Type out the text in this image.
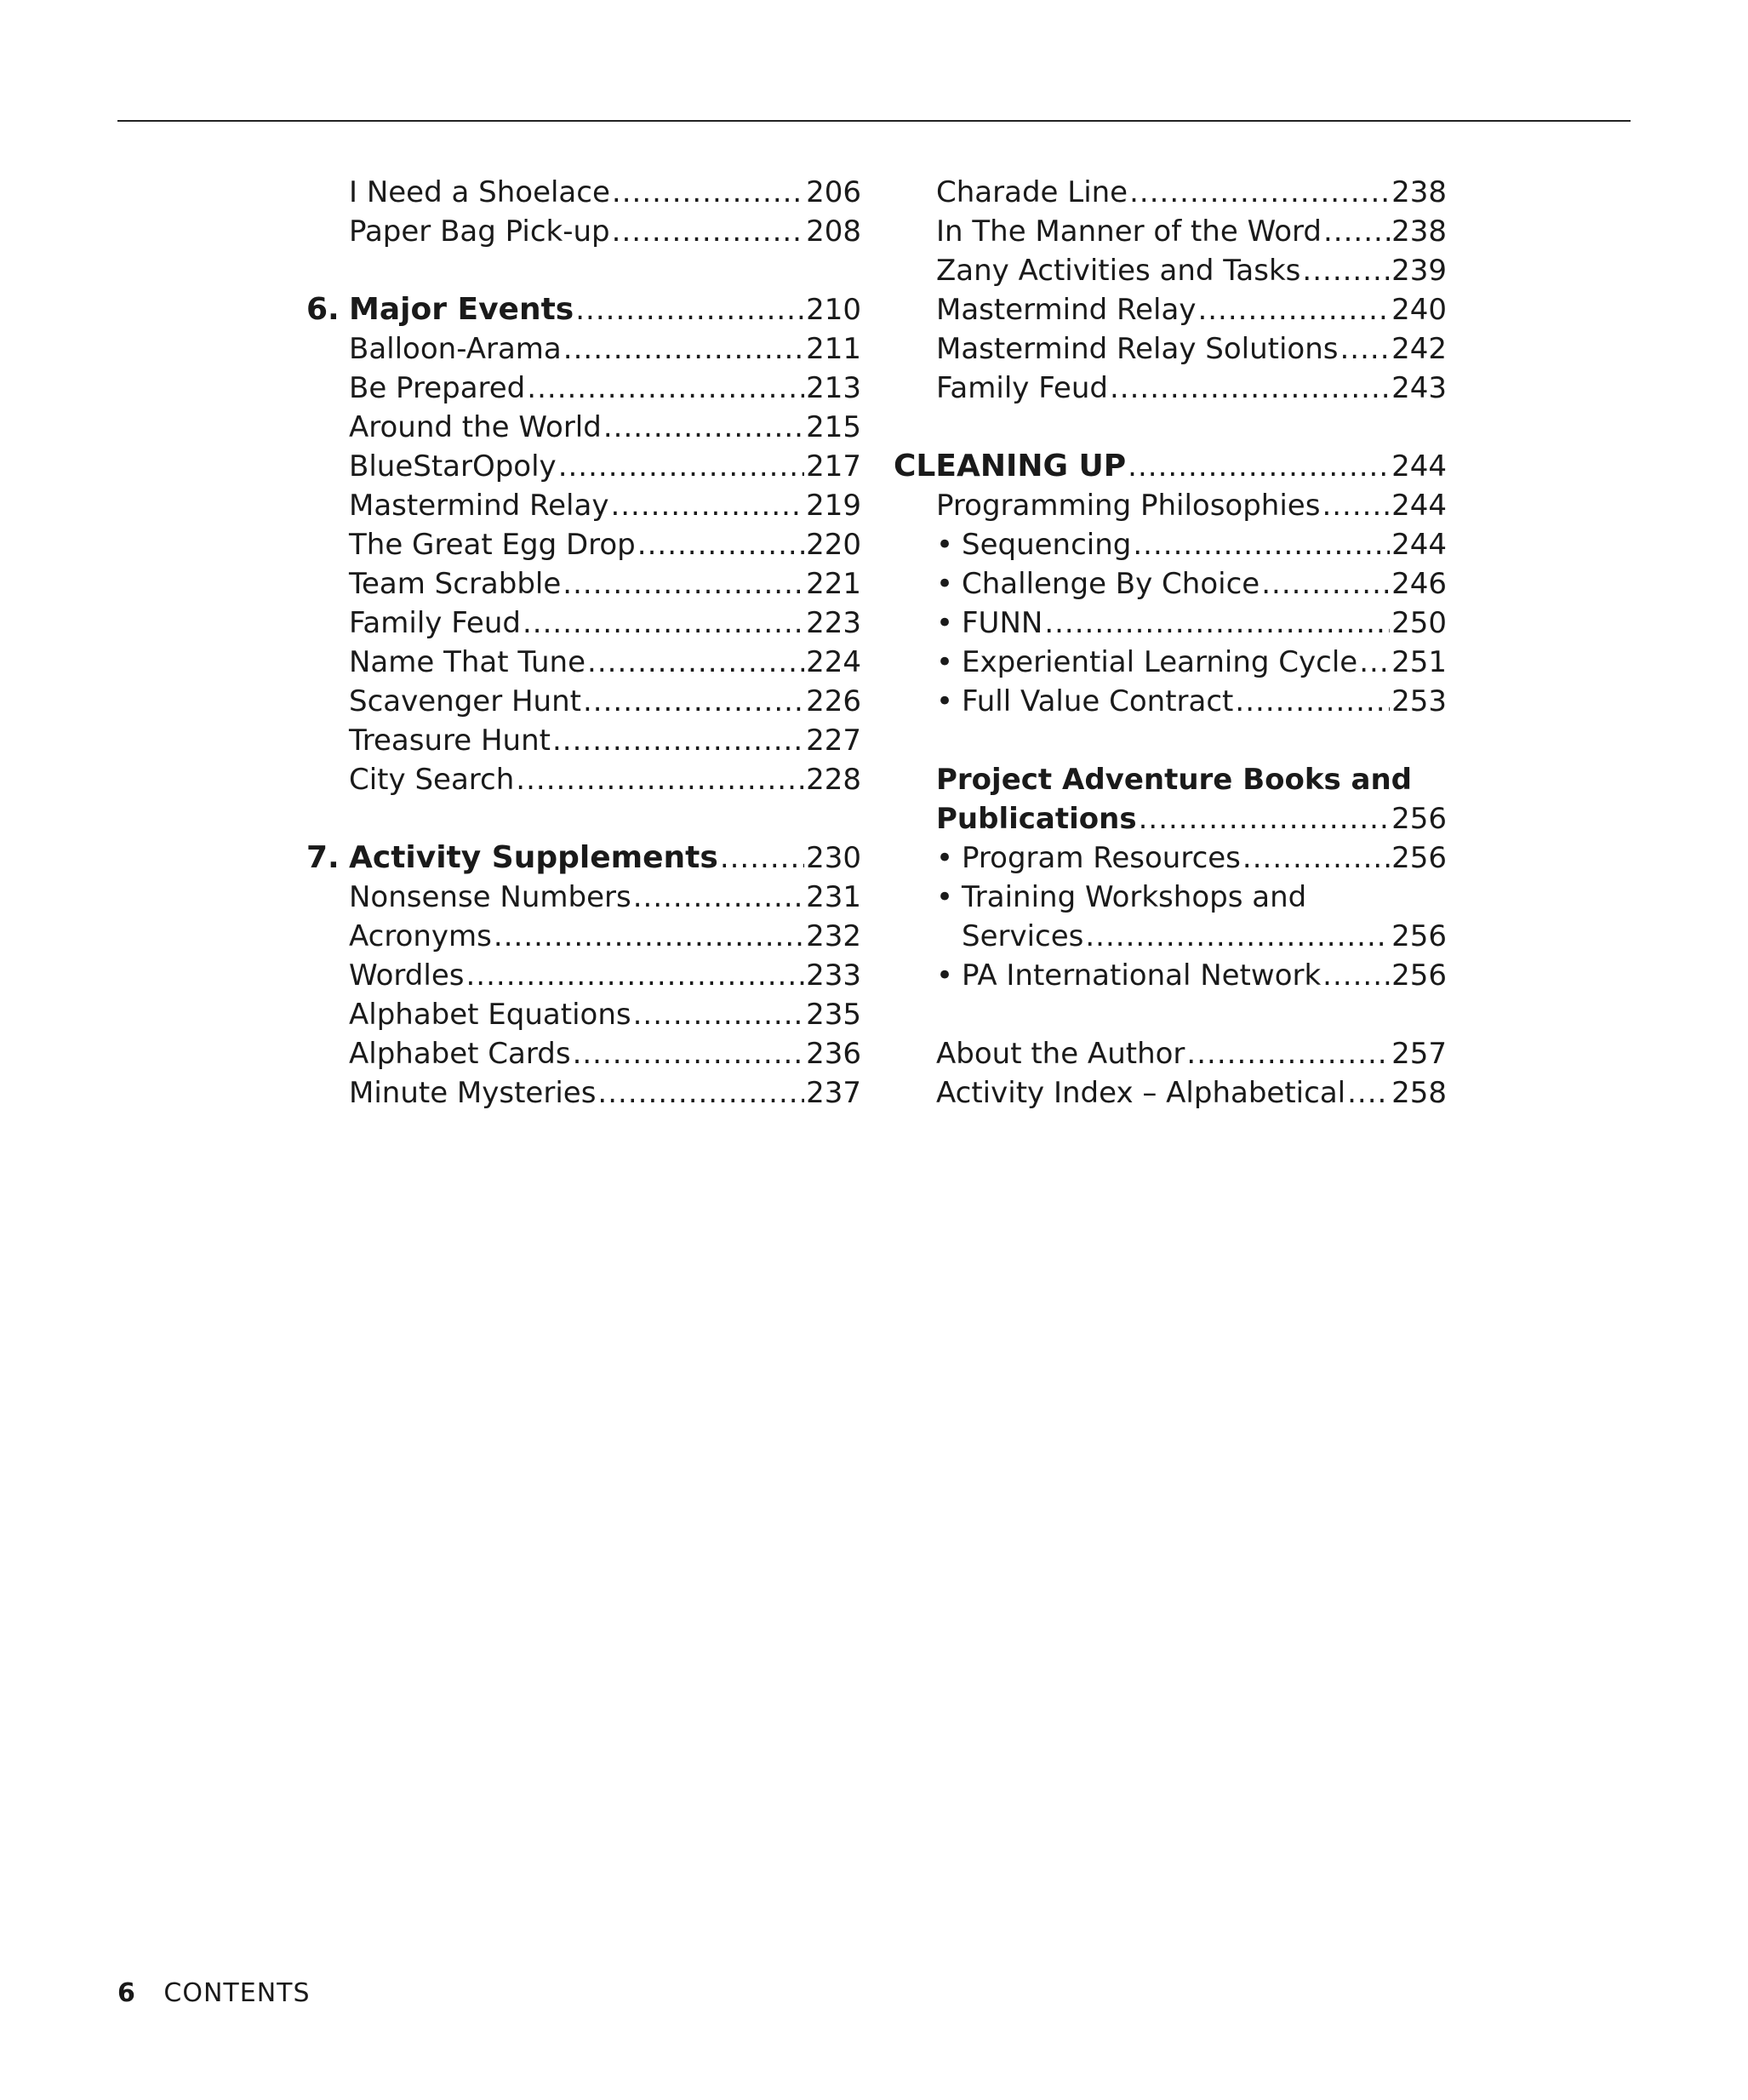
I Need a Shoelace .....	206
Paper Bag Pick-up .....	208
6. Major Events .....	210
Balloon-Arama .....	211
Be Prepared .....	213
Around the World .....	215
BlueStarOpoly .....	217
Mastermind Relay .....	219
The Great Egg Drop .....	220
Team Scrabble .....	221
Family Feud .....	223
Name That Tune .....	224
Scavenger Hunt .....	226
Treasure Hunt .....	227
City Search .....	228
7. Activity Supplements .....	230
Nonsense Numbers .....	231
Acronyms .....	232
Wordles .....	233
Alphabet Equations .....	235
Alphabet Cards .....	236
Minute Mysteries .....	237
Charade Line .....	238
In The Manner of the Word ..... 238
Zany Activities and Tasks .....	239
Mastermind Relay .....	240
Mastermind Relay Solutions ..... 242
Family Feud .....	243
CLEANING UP .....	244
Programming Philosophies ..... 244
• Sequencing .....	244
• Challenge By Choice .....	246
• FUNN .....	250
• Experiential Learning Cycle ..... 251
• Full Value Contract .....	253
Project Adventure Books and
Publications .....	256
• Program Resources .....	256
• Training Workshops and
Services .....	256
• PA International Network ..... 256
About the Author .....	257
Activity Index – Alphabetical ..... 258
6 CONTENTS
